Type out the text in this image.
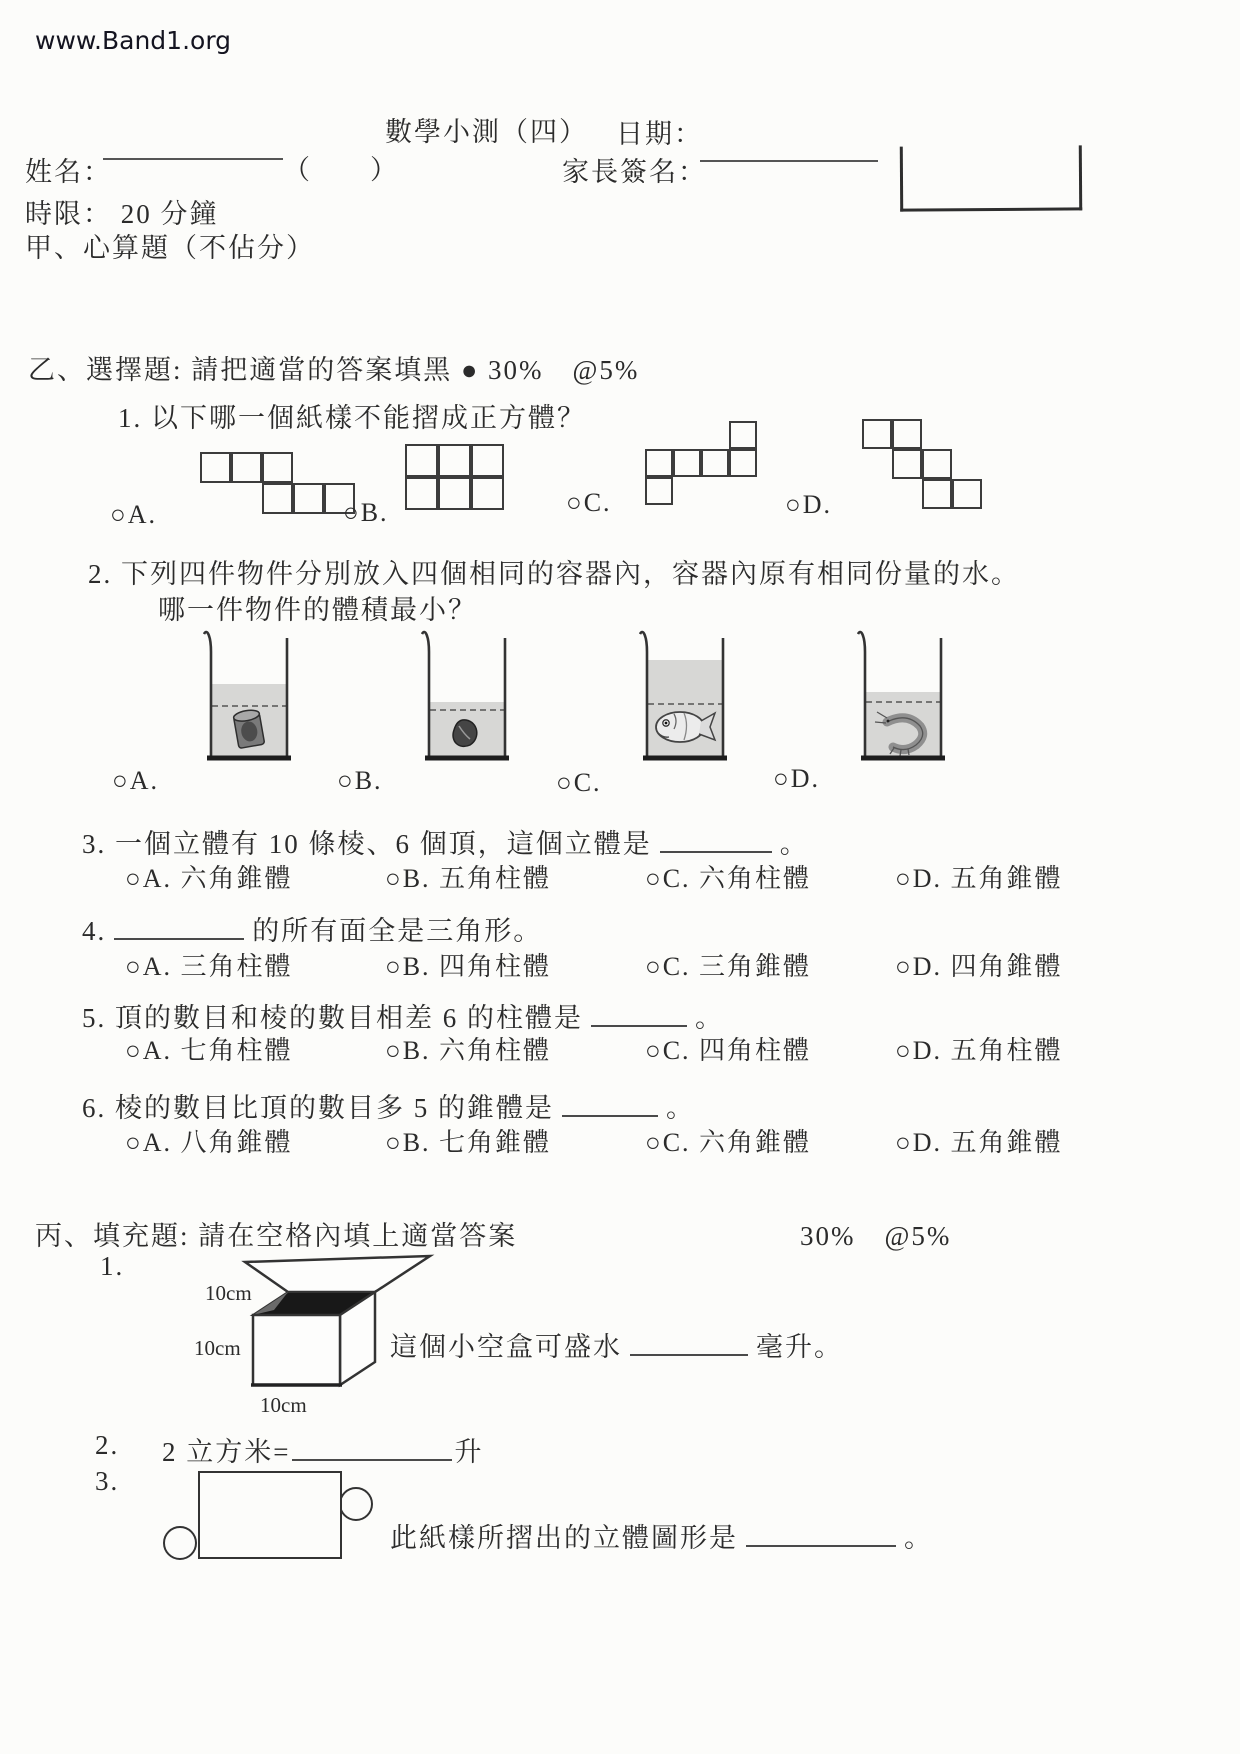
www.Band1.org
數學小測（四） 日期：
姓名：	（　　）	家長簽名：
時限： 20 分鐘
甲、心算題（不佔分）
乙、選擇題: 請把適當的答案填黑 ● 30%　@5%
1. 以下哪一個紙樣不能摺成正方體？
○A.	○B.	○C.	○D.
2. 下列四件物件分別放入四個相同的容器內，容器內原有相同份量的水。
哪一件物件的體積最小？
○A.	○B.	○C.	○D.
3. 一個立體有 10 條棱、6 個頂，這個立體是	。
○A. 六角錐體	○B. 五角柱體	○C. 六角柱體	○D. 五角錐體
4.	的所有面全是三角形。
○A. 三角柱體	○B. 四角柱體	○C. 三角錐體	○D. 四角錐體
5. 頂的數目和棱的數目相差 6 的柱體是	。
○A. 七角柱體	○B. 六角柱體	○C. 四角柱體	○D. 五角柱體
6. 棱的數目比頂的數目多 5 的錐體是	。
○A. 八角錐體	○B. 七角錐體	○C. 六角錐體	○D. 五角錐體
丙、填充題: 請在空格內填上適當答案	30%　@5%
1.
10cm
10cm
10cm
這個小空盒可盛水	毫升。
2. 2 立方米=	升
3.
此紙樣所摺出的立體圖形是	。
